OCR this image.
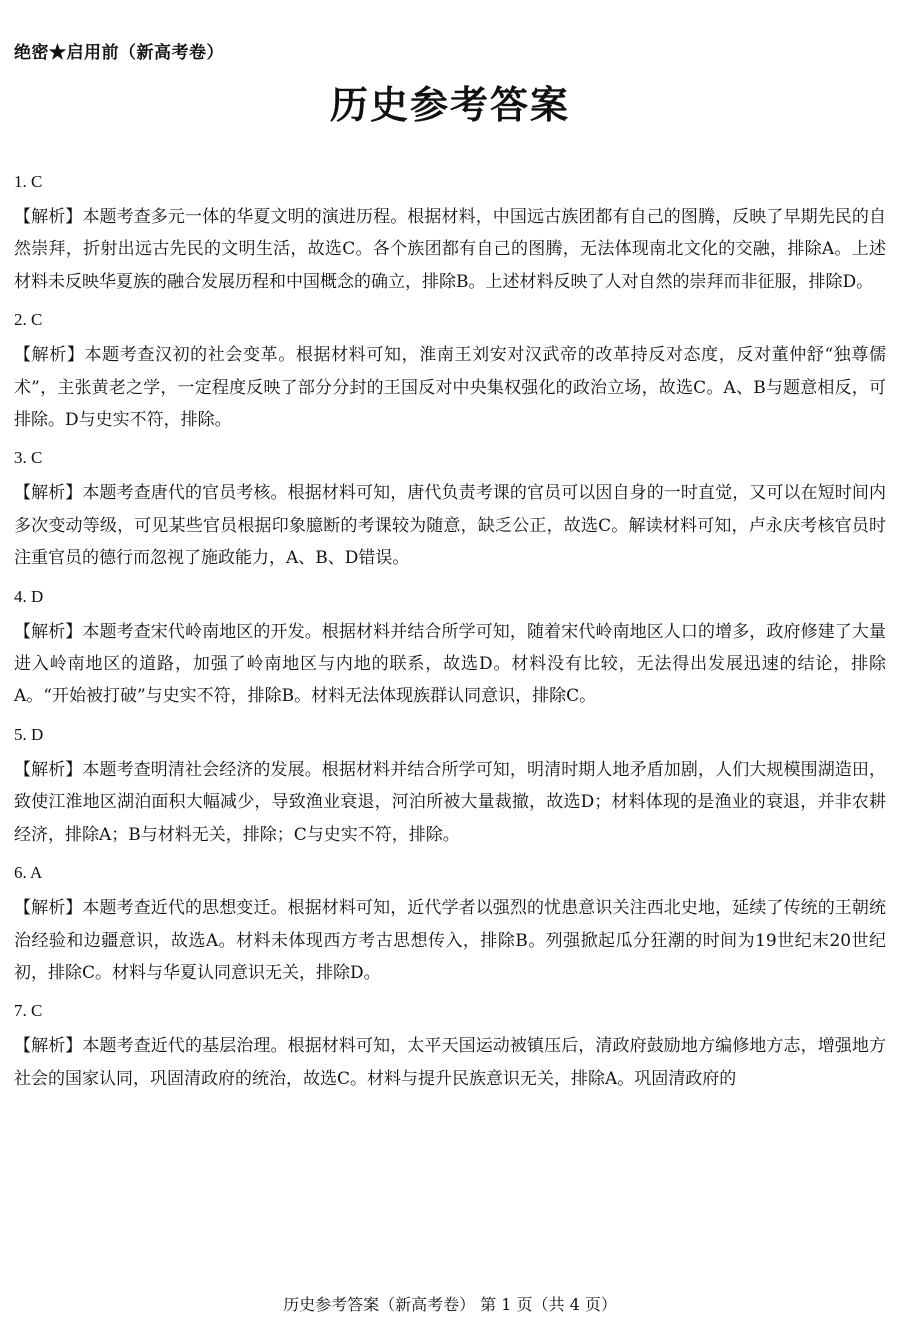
绝密★启用前（新高考卷）
历史参考答案
1. C
【解析】本题考查多元一体的华夏文明的演进历程。根据材料，中国远古族团都有自己的图腾，反映了早期先民的自然崇拜，折射出远古先民的文明生活，故选C。各个族团都有自己的图腾，无法体现南北文化的交融，排除A。上述材料未反映华夏族的融合发展历程和中国概念的确立，排除B。上述材料反映了人对自然的崇拜而非征服，排除D。
2. C
【解析】本题考查汉初的社会变革。根据材料可知，淮南王刘安对汉武帝的改革持反对态度，反对董仲舒“独尊儒术”，主张黄老之学，一定程度反映了部分分封的王国反对中央集权强化的政治立场，故选C。A、B与题意相反，可排除。D与史实不符，排除。
3. C
【解析】本题考查唐代的官员考核。根据材料可知，唐代负责考课的官员可以因自身的一时直觉，又可以在短时间内多次变动等级，可见某些官员根据印象臆断的考课较为随意，缺乏公正，故选C。解读材料可知，卢永庆考核官员时注重官员的德行而忽视了施政能力，A、B、D错误。
4. D
【解析】本题考查宋代岭南地区的开发。根据材料并结合所学可知，随着宋代岭南地区人口的增多，政府修建了大量进入岭南地区的道路，加强了岭南地区与内地的联系，故选D。材料没有比较，无法得出发展迅速的结论，排除A。“开始被打破”与史实不符，排除B。材料无法体现族群认同意识，排除C。
5. D
【解析】本题考查明清社会经济的发展。根据材料并结合所学可知，明清时期人地矛盾加剧，人们大规模围湖造田，致使江淮地区湖泊面积大幅减少，导致渔业衰退，河泊所被大量裁撤，故选D；材料体现的是渔业的衰退，并非农耕经济，排除A；B与材料无关，排除；C与史实不符，排除。
6. A
【解析】本题考查近代的思想变迁。根据材料可知，近代学者以强烈的忧患意识关注西北史地，延续了传统的王朝统治经验和边疆意识，故选A。材料未体现西方考古思想传入，排除B。列强掀起瓜分狂潮的时间为19世纪末20世纪初，排除C。材料与华夏认同意识无关，排除D。
7. C
【解析】本题考查近代的基层治理。根据材料可知，太平天国运动被镇压后，清政府鼓励地方编修地方志，增强地方社会的国家认同，巩固清政府的统治，故选C。材料与提升民族意识无关，排除A。巩固清政府的
历史参考答案（新高考卷） 第 1 页（共 4 页）
